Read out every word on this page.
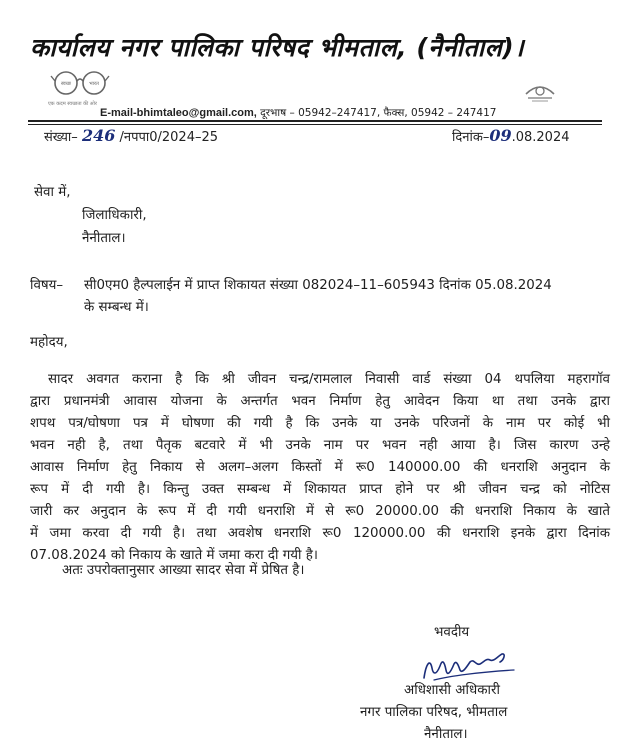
कार्यालय नगर पालिका परिषद भीमताल, (नैनीताल)।
स्वच्छ	भारत
एक कदम स्वच्छता की ओर
E-mail-bhimtaleo@gmail.com, दूरभाष – 05942–247417, फैक्स, 05942 – 247417
संख्या– 246 /नपपा0/2024–25	दिनांक–09.08.2024
सेवा में,
जिलाधिकारी,
नैनीताल।
विषय– सी0एम0 हैल्पलाईन में प्राप्त शिकायत संख्या 082024–11–605943 दिनांक 05.08.2024
के सम्बन्ध में।
महोदय,
सादर अवगत कराना है कि श्री जीवन चन्द्र/रामलाल निवासी वार्ड संख्या 04 थपलिया महरागॉव
द्वारा प्रधानमंत्री आवास योजना के अन्तर्गत भवन निर्माण हेतु आवेदन किया था तथा उनके द्वारा
शपथ पत्र/घोषणा पत्र में घोषणा की गयी है कि उनके या उनके परिजनों के नाम पर कोई भी
भवन नही है, तथा पैतृक बटवारे में भी उनके नाम पर भवन नही आया है। जिस कारण उन्हे
आवास निर्माण हेतु निकाय से अलग–अलग किस्तों में रू0 140000.00 की धनराशि अनुदान के
रूप में दी गयी है। किन्तु उक्त सम्बन्ध में शिकायत प्राप्त होने पर श्री जीवन चन्द्र को नोटिस
जारी कर अनुदान के रूप में दी गयी धनराशि में से रू0 20000.00 की धनराशि निकाय के खाते
में जमा करवा दी गयी है। तथा अवशेष धनराशि रू0 120000.00 की धनराशि इनके द्वारा दिनांक
07.08.2024 को निकाय के खाते में जमा करा दी गयी है।
अतः उपरोक्तानुसार आख्या सादर सेवा में प्रेषित है।
भवदीय
अधिशासी अधिकारी
नगर पालिका परिषद, भीमताल
नैनीताल।
